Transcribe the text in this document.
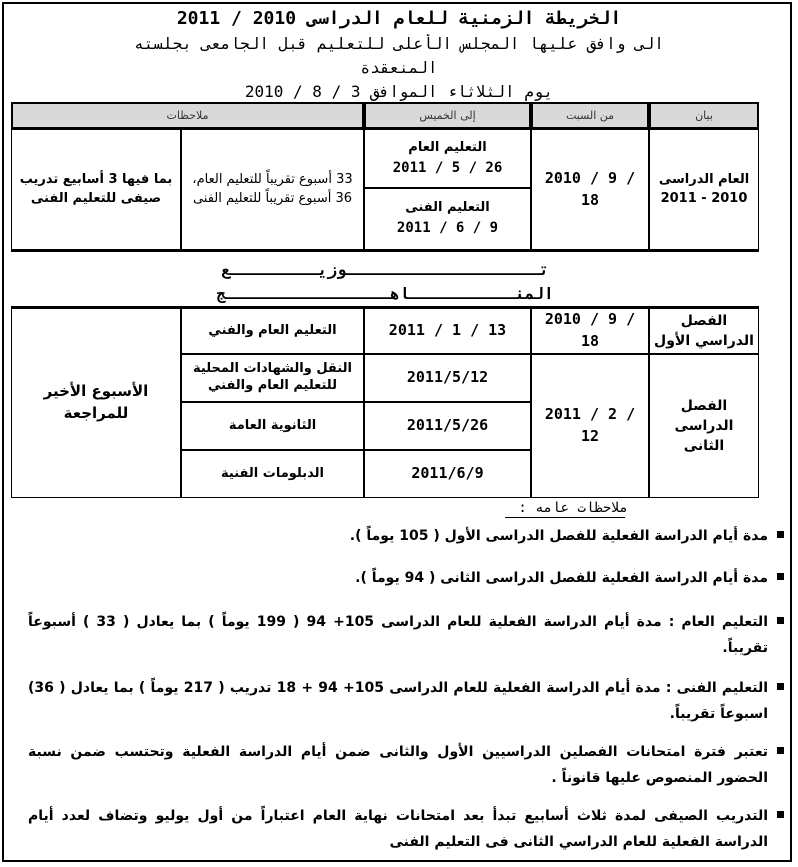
الخريطة الزمنية للعام الدراسى 2010 / 2011
الى وافق عليها المجلس الأعلى للتعليم قبل الجامعى بجلسته
المنعقدة
يوم الثلاثاء الموافق 3 / 8 / 2010
بيان
من السبت
إلى الخميس
ملاحظات
العام الدراسى 2010 - 2011
2010 / 9 / 18
التعليم العام
2011 / 5 / 26
التعليم الفنى
2011 / 6 / 9
33 أسبوع تقريباً للتعليم العام، 36 أسبوع تقريباً للتعليم الفنى
بما فيها 3 أسابيع تدريب صيفى للتعليم الفنى
تــــــــــــــــــــوزيـــــــــع
المنـــــــــــاهـــــــــــــــــج
الفصل الدراسي الأول
2010 / 9 / 18
2011 / 1 / 13
التعليم العام والفني
الفصل الدراسى الثانى
2011 / 2 / 12
2011/5/12
النقل والشهادات المحلية للتعليم العام والفني
2011/5/26
الثانوية العامة
2011/6/9
الدبلومات الفنية
الأسبوع الأخير للمراجعة
ملاحظات عامه :
مدة أيام الدراسة الفعلية للفصل الدراسى الأول ( 105 يوماً ).
مدة أيام الدراسة الفعلية للفصل الدراسى الثانى ( 94 يوماً ).
التعليم العام : مدة أيام الدراسة الفعلية للعام الدراسى 105+ 94 ( 199 يوماً ) بما يعادل ( 33 ) أسبوعاً تقريباً.
التعليم الفنى : مدة أيام الدراسة الفعلية للعام الدراسى 105+ 94 + 18 تدريب ( 217 يوماً ) بما يعادل ( 36) اسبوعاً تقريباً.
تعتبر فترة امتحانات الفصلين الدراسيين الأول والثانى ضمن أيام الدراسة الفعلية وتحتسب ضمن نسبة الحضور المنصوص عليها قانوناً .
التدريب الصيفى لمدة ثلاث أسابيع تبدأ بعد امتحانات نهاية العام اعتباراً من أول يوليو وتضاف لعدد أيام الدراسة الفعلية للعام الدراسي الثانى فى التعليم الفنى
